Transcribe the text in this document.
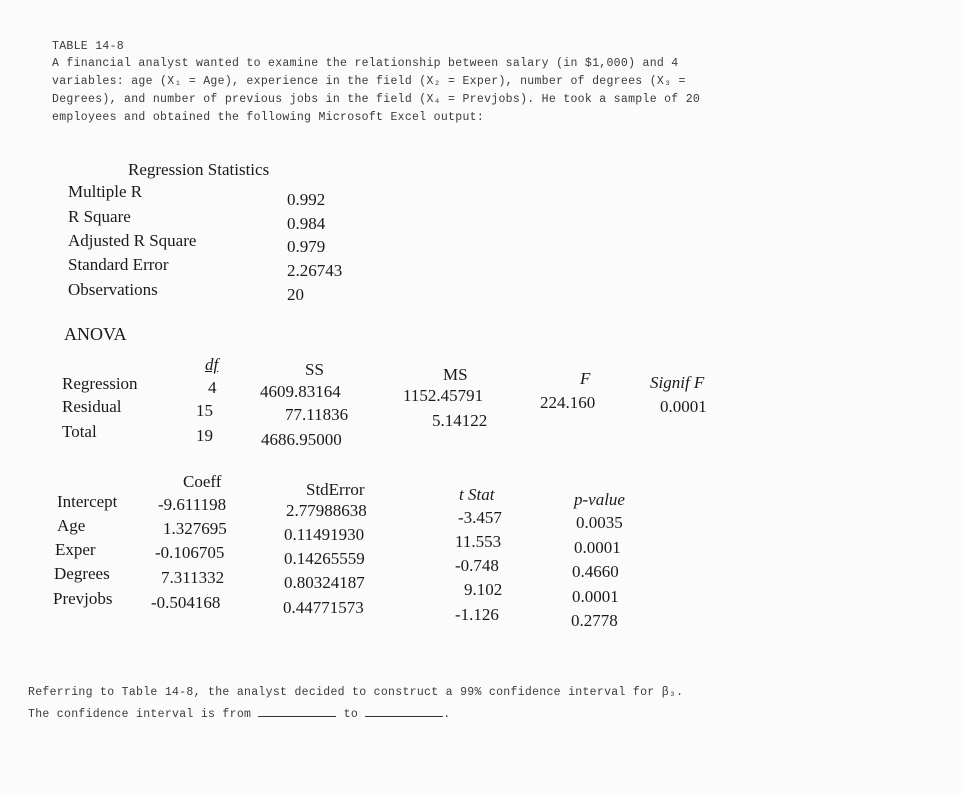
TABLE 14-8
A financial analyst wanted to examine the relationship between salary (in $1,000) and 4
variables: age (X₁ = Age), experience in the field (X₂ = Exper), number of degrees (X₃ =
Degrees), and number of previous jobs in the field (X₄ = Prevjobs). He took a sample of 20
employees and obtained the following Microsoft Excel output:
Regression Statistics
Multiple R	0.992
R Square	0.984
Adjusted R Square	0.979
Standard Error	2.26743
Observations	20
ANOVA
df	SS	MS	F	Signif F
Regression	4	4609.83164	1152.45791	224.160	0.0001
Residual	15	77.11836	5.14122
Total	19	4686.95000
Coeff	StdError	t Stat	p-value
Intercept -9.611198	2.77988638	-3.457	0.0035
Age	1.327695	0.11491930	11.553	0.0001
Exper	-0.106705	0.14265559	-0.748	0.4660
Degrees	7.311332	0.80324187	9.102	0.0001
Prevjobs -0.504168	0.44771573	-1.126	0.2778
Referring to Table 14-8, the analyst decided to construct a 99% confidence interval for β₃.
The confidence interval is from	to	.
